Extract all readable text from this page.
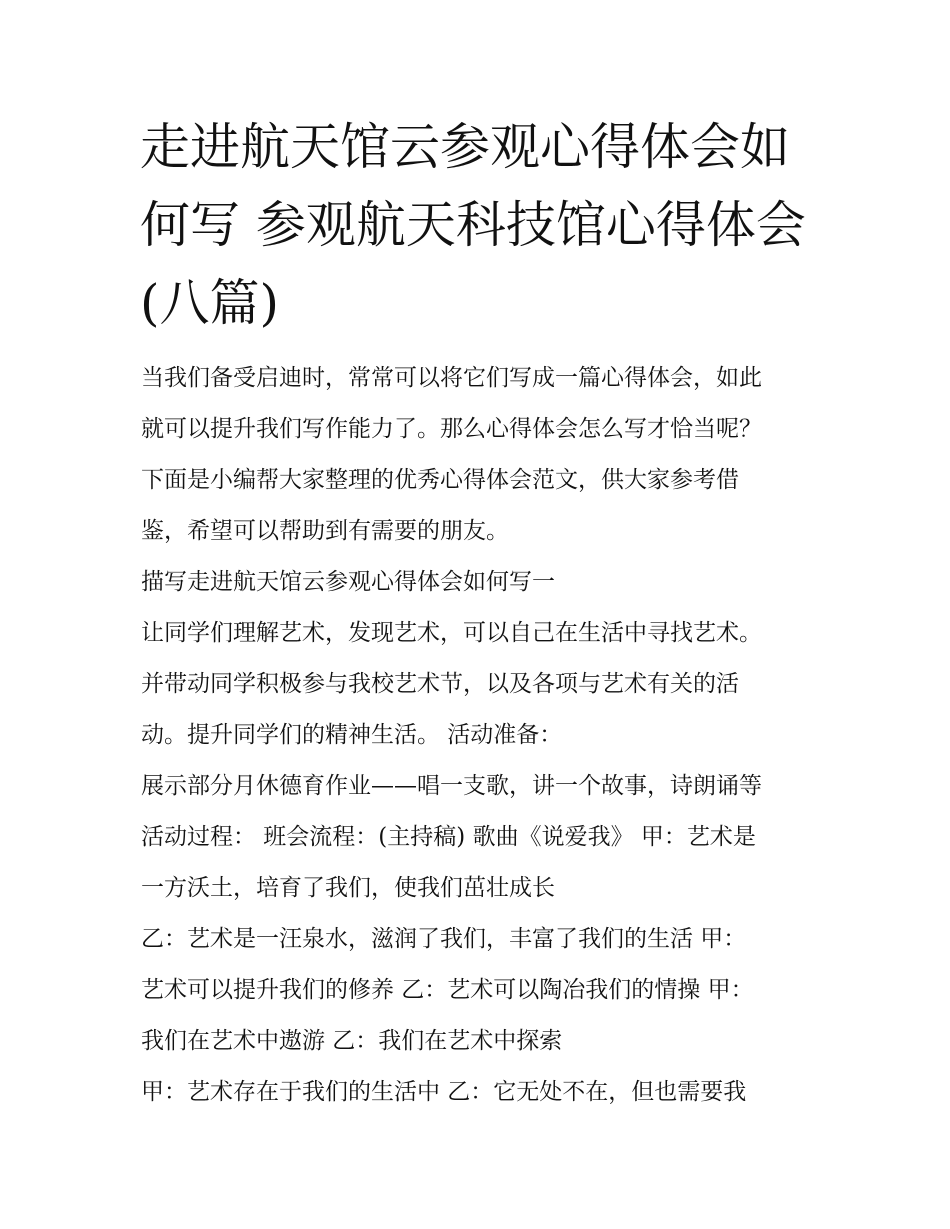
走进航天馆云参观心得体会如
何写 参观航天科技馆心得体会
(八篇)
当我们备受启迪时，常常可以将它们写成一篇心得体会，如此
就可以提升我们写作能力了。那么心得体会怎么写才恰当呢？
下面是小编帮大家整理的优秀心得体会范文，供大家参考借
鉴，希望可以帮助到有需要的朋友。
描写走进航天馆云参观心得体会如何写一
让同学们理解艺术，发现艺术，可以自己在生活中寻找艺术。
并带动同学积极参与我校艺术节，以及各项与艺术有关的活
动。提升同学们的精神生活。 活动准备：
展示部分月休德育作业——唱一支歌，讲一个故事，诗朗诵等
活动过程： 班会流程：(主持稿) 歌曲《说爱我》 甲：艺术是
一方沃土，培育了我们，使我们茁壮成长
乙：艺术是一汪泉水，滋润了我们，丰富了我们的生活 甲：
艺术可以提升我们的修养 乙：艺术可以陶冶我们的情操 甲：
我们在艺术中遨游 乙：我们在艺术中探索
甲：艺术存在于我们的生活中 乙：它无处不在，但也需要我
